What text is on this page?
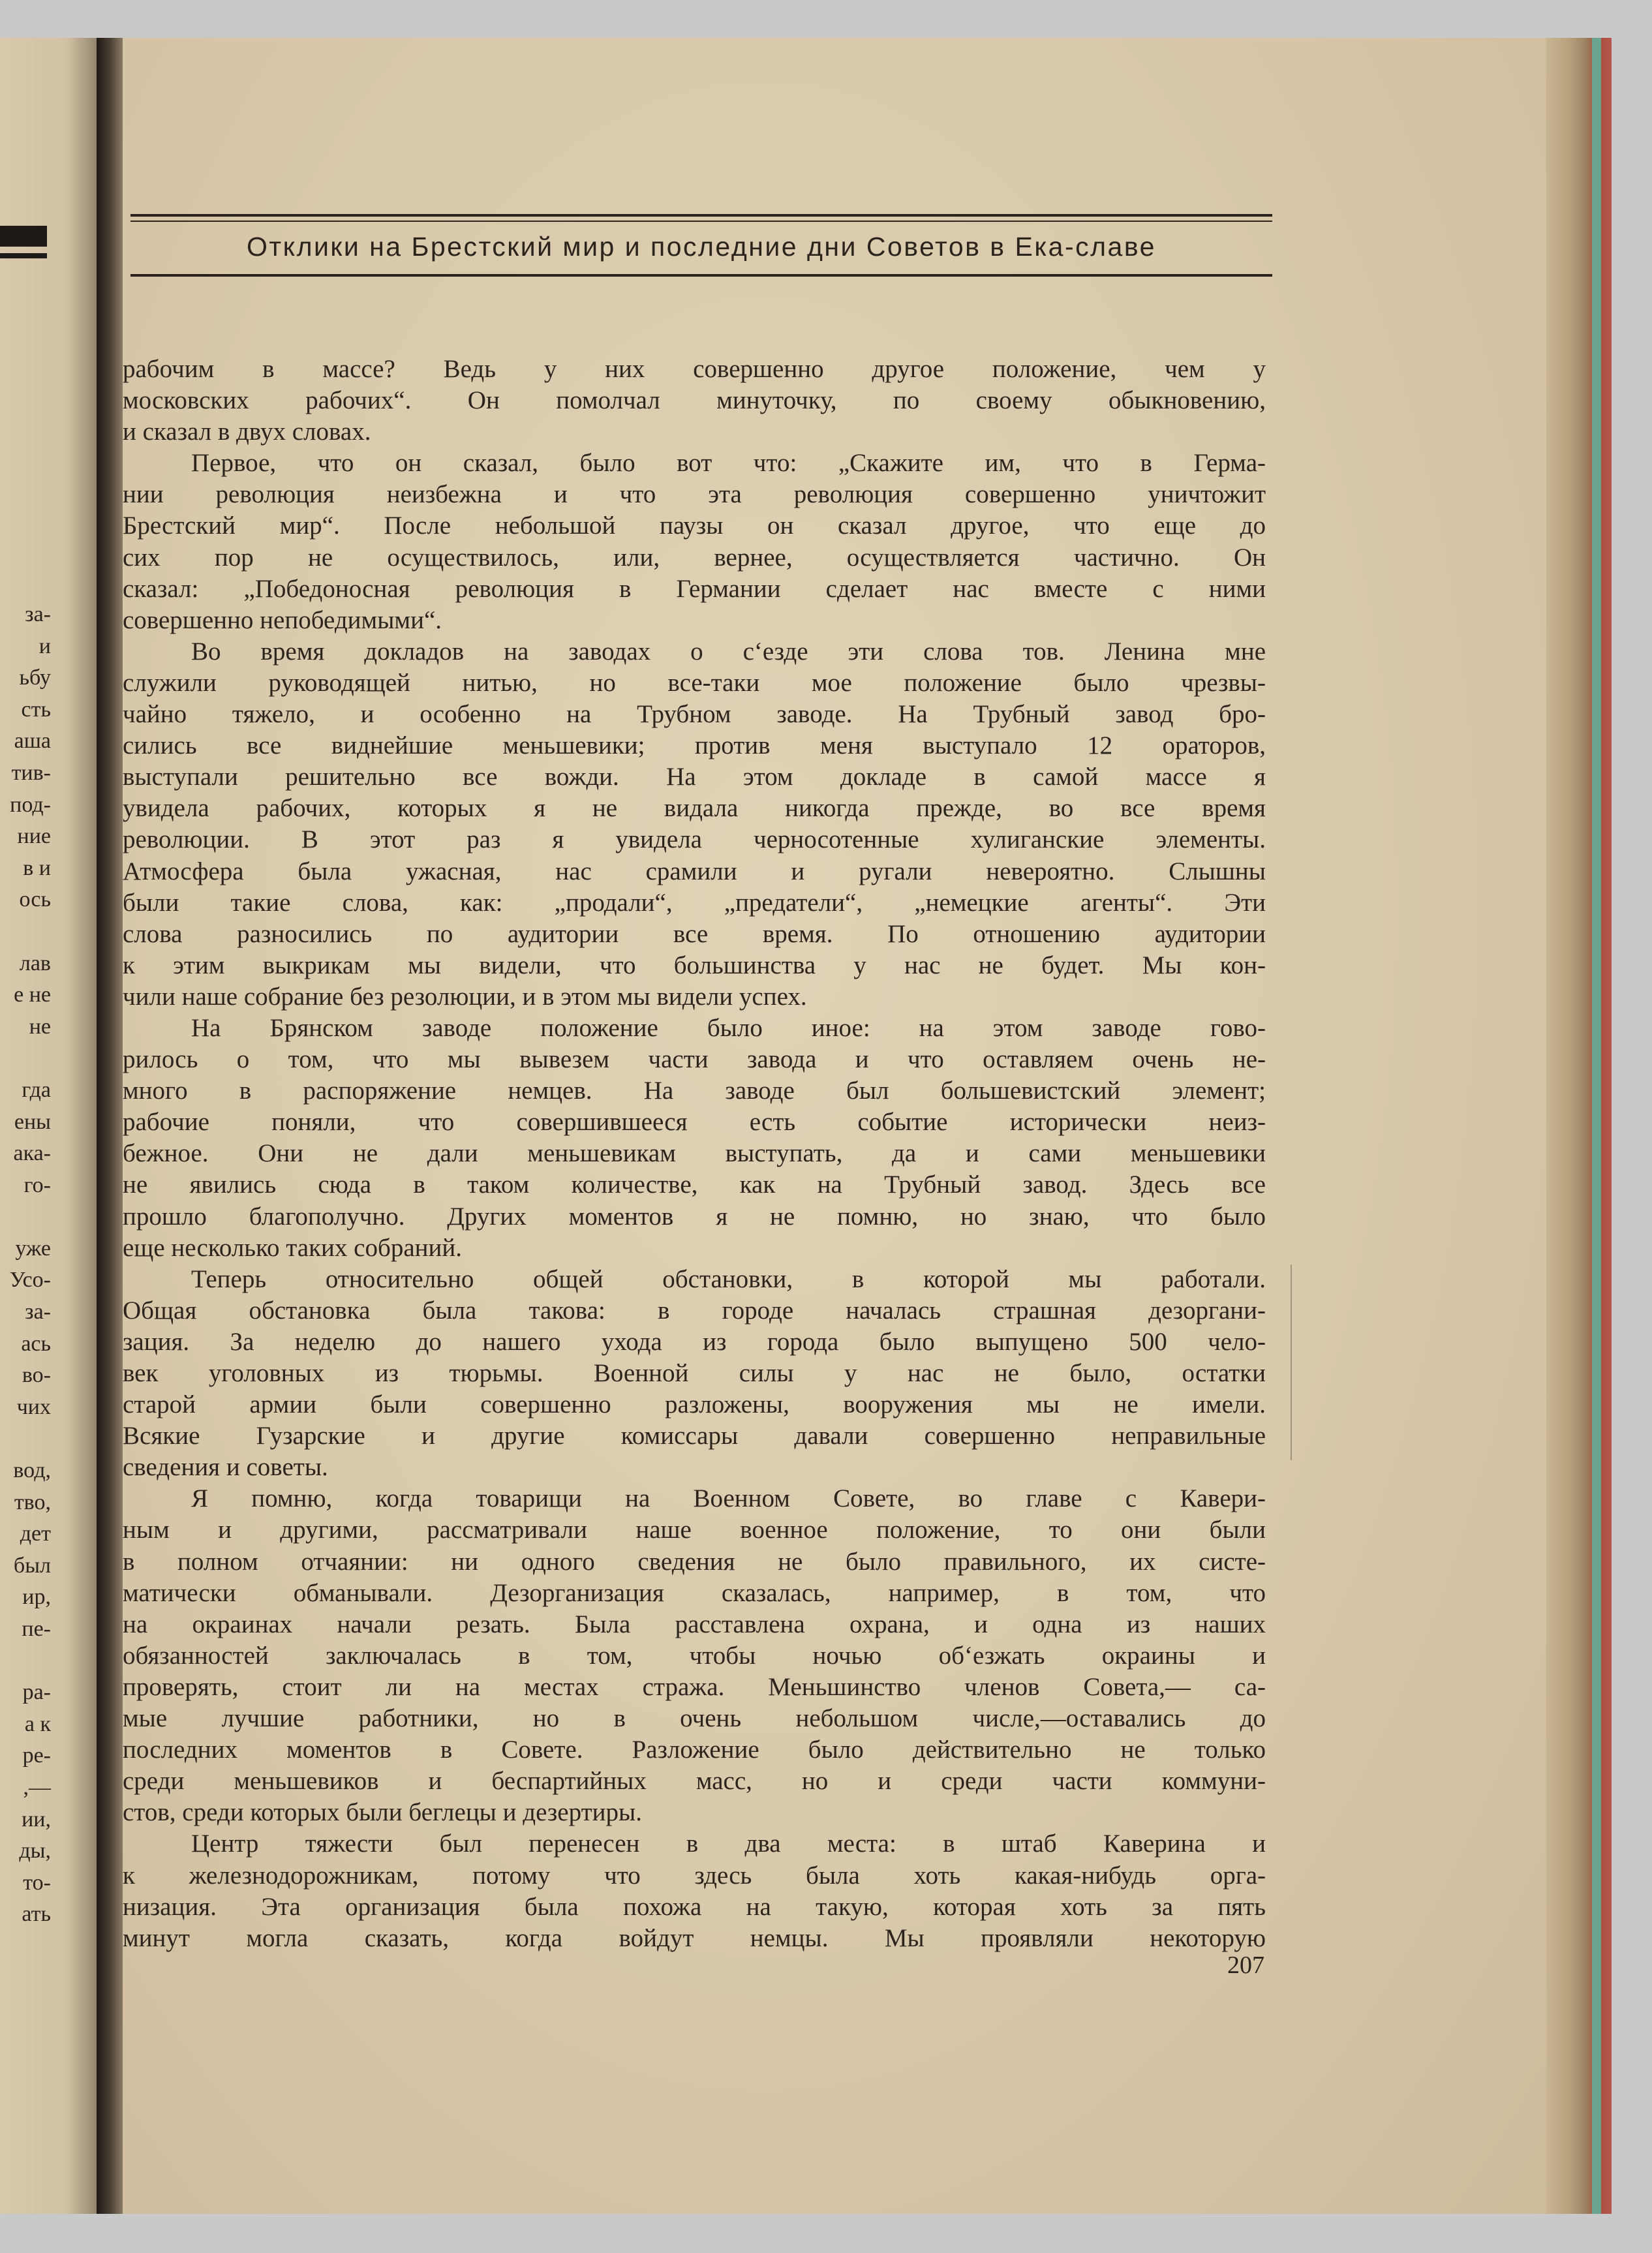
за-
и
ьбу
сть
аша
тив-
под-
ние
в и
ось
лав
е не
не
гда
ены
ака-
го-
уже
Усо-
за-
ась
во-
чих
вод,
тво,
дет
был
ир,
пе-
ра-
а к
ре-
,—
ии,
ды,
то-
ать
Отклики на Брестский мир и последние дни Советов в Ека-славе
рабочим в массе? Ведь у них совершенно другое положение, чем у
московских рабочих“. Он помолчал минуточку, по своему обыкновению,
и сказал в двух словах.
Первое, что он сказал, было вот что: „Скажите им, что в Герма-
нии революция неизбежна и что эта революция совершенно уничтожит
Брестский мир“. После небольшой паузы он сказал другое, что еще до
сих пор не осуществилось, или, вернее, осуществляется частично. Он
сказал: „Победоносная революция в Германии сделает нас вместе с ними
совершенно непобедимыми“.
Во время докладов на заводах о с‘езде эти слова тов. Ленина мне
служили руководящей нитью, но все-таки мое положение было чрезвы-
чайно тяжело, и особенно на Трубном заводе. На Трубный завод бро-
сились все виднейшие меньшевики; против меня выступало 12 ораторов,
выступали решительно все вожди. На этом докладе в самой массе я
увидела рабочих, которых я не видала никогда прежде, во все время
революции. В этот раз я увидела черносотенные хулиганские элементы.
Атмосфера была ужасная, нас срамили и ругали невероятно. Слышны
были такие слова, как: „продали“, „предатели“, „немецкие агенты“. Эти
слова разносились по аудитории все время. По отношению аудитории
к этим выкрикам мы видели, что большинства у нас не будет. Мы кон-
чили наше собрание без резолюции, и в этом мы видели успех.
На Брянском заводе положение было иное: на этом заводе гово-
рилось о том, что мы вывезем части завода и что оставляем очень не-
много в распоряжение немцев. На заводе был большевистский элемент;
рабочие поняли, что совершившееся есть событие исторически неиз-
бежное. Они не дали меньшевикам выступать, да и сами меньшевики
не явились сюда в таком количестве, как на Трубный завод. Здесь все
прошло благополучно. Других моментов я не помню, но знаю, что было
еще несколько таких собраний.
Теперь относительно общей обстановки, в которой мы работали.
Общая обстановка была такова: в городе началась страшная дезоргани-
зация. За неделю до нашего ухода из города было выпущено 500 чело-
век уголовных из тюрьмы. Военной силы у нас не было, остатки
старой армии были совершенно разложены, вооружения мы не имели.
Всякие Гузарские и другие комиссары давали совершенно неправильные
сведения и советы.
Я помню, когда товарищи на Военном Совете, во главе с Кавери-
ным и другими, рассматривали наше военное положение, то они были
в полном отчаянии: ни одного сведения не было правильного, их систе-
матически обманывали. Дезорганизация сказалась, например, в том, что
на окраинах начали резать. Была расставлена охрана, и одна из наших
обязанностей заключалась в том, чтобы ночью об‘езжать окраины и
проверять, стоит ли на местах стража. Меньшинство членов Совета,— са-
мые лучшие работники, но в очень небольшом числе,—оставались до
последних моментов в Совете. Разложение было действительно не только
среди меньшевиков и беспартийных масс, но и среди части коммуни-
стов, среди которых были беглецы и дезертиры.
Центр тяжести был перенесен в два места: в штаб Каверина и
к железнодорожникам, потому что здесь была хоть какая-нибудь орга-
низация. Эта организация была похожа на такую, которая хоть за пять
минут могла сказать, когда войдут немцы. Мы проявляли некоторую
207
